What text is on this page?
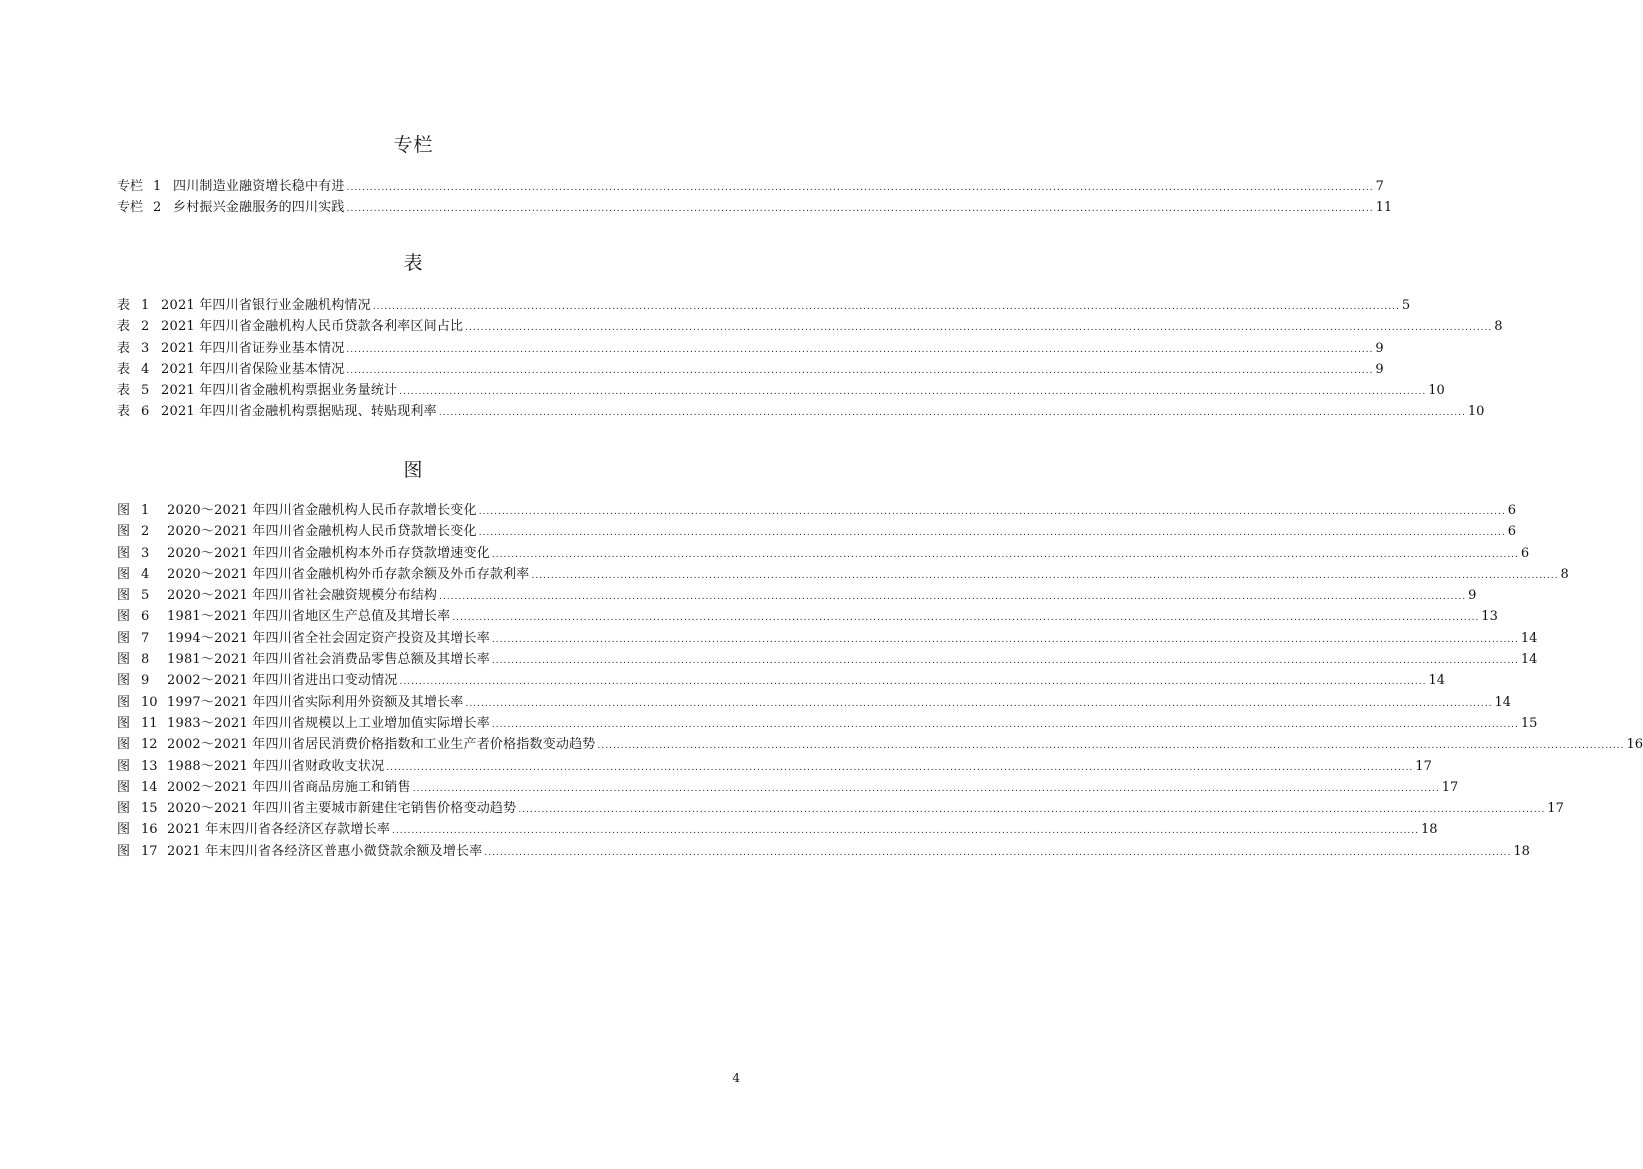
专栏
专栏 1 四川制造业融资增长稳中有进 .....	7
专栏 2 乡村振兴金融服务的四川实践 .....	11
表
表 1 2021 年四川省银行业金融机构情况 .....	5
表 2 2021 年四川省金融机构人民币贷款各利率区间占比 .....	8
表 3 2021 年四川省证券业基本情况 .....	9
表 4 2021 年四川省保险业基本情况 .....	9
表 5 2021 年四川省金融机构票据业务量统计 .....	10
表 6 2021 年四川省金融机构票据贴现、转贴现利率 .....	10
图
图 1 2020～2021 年四川省金融机构人民币存款增长变化 .....	6
图 2 2020～2021 年四川省金融机构人民币贷款增长变化 .....	6
图 3 2020～2021 年四川省金融机构本外币存贷款增速变化 .....	6
图 4 2020～2021 年四川省金融机构外币存款余额及外币存款利率 .....	8
图 5 2020～2021 年四川省社会融资规模分布结构 .....	9
图 6 1981～2021 年四川省地区生产总值及其增长率 .....	13
图 7 1994～2021 年四川省全社会固定资产投资及其增长率 .....	14
图 8 1981～2021 年四川省社会消费品零售总额及其增长率 .....	14
图 9 2002～2021 年四川省进出口变动情况 .....	14
图 10 1997～2021 年四川省实际利用外资额及其增长率 .....	14
图 11 1983～2021 年四川省规模以上工业增加值实际增长率 .....	15
图 12 2002～2021 年四川省居民消费价格指数和工业生产者价格指数变动趋势 .....	16
图 13 1988～2021 年四川省财政收支状况 .....	17
图 14 2002～2021 年四川省商品房施工和销售 .....	17
图 15 2020～2021 年四川省主要城市新建住宅销售价格变动趋势 .....	17
图 16 2021 年末四川省各经济区存款增长率 .....	18
图 17 2021 年末四川省各经济区普惠小微贷款余额及增长率 .....	18
4
